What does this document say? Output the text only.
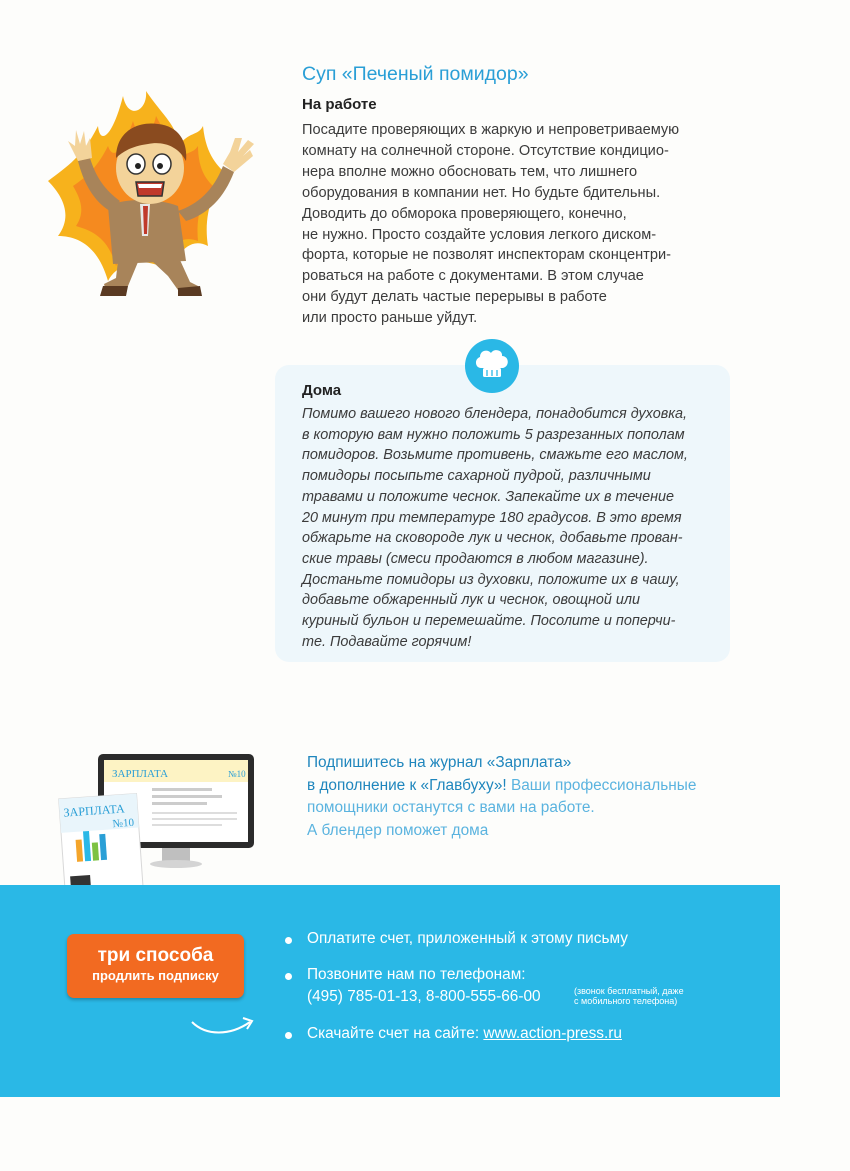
Суп «Печеный помидор»
На работе
Посадите проверяющих в жаркую и непроветриваемую
комнату на солнечной стороне. Отсутствие кондицио-
нера вполне можно обосновать тем, что лишнего
оборудования в компании нет. Но будьте бдительны.
Доводить до обморока проверяющего, конечно,
не нужно. Просто создайте условия легкого диском-
форта, которые не позволят инспекторам сконцентри-
роваться на работе с документами. В этом случае
они будут делать частые перерывы в работе
или просто раньше уйдут.
Дома
Помимо вашего нового блендера, понадобится духовка,
в которую вам нужно положить 5 разрезанных пополам
помидоров. Возьмите противень, смажьте его маслом,
помидоры посыпьте сахарной пудрой, различными
травами и положите чеснок. Запекайте их в течение
20 минут при температуре 180 градусов. В это время
обжарьте на сковороде лук и чеснок, добавьте прован-
ские травы (смеси продаются в любом магазине).
Достаньте помидоры из духовки, положите их в чашу,
добавьте обжаренный лук и чеснок, овощной или
куриный бульон и перемешайте. Посолите и поперчи-
те. Подавайте горячим!
ЗАРПЛАТА	№10
ЗАРПЛАТА
№10
Подпишитесь на журнал «Зарплата»
в дополнение к «Главбуху»! Ваши профессиональные
помощники останутся с вами на работе.
А блендер поможет дома
три способа
продлить подписку
Оплатите счет, приложенный к этому письму
Позвоните нам по телефонам:
(495) 785-01-13, 8-800-555-66-00	(звонок бесплатный, даже
с мобильного телефона)
Скачайте счет на сайте: www.action-press.ru
